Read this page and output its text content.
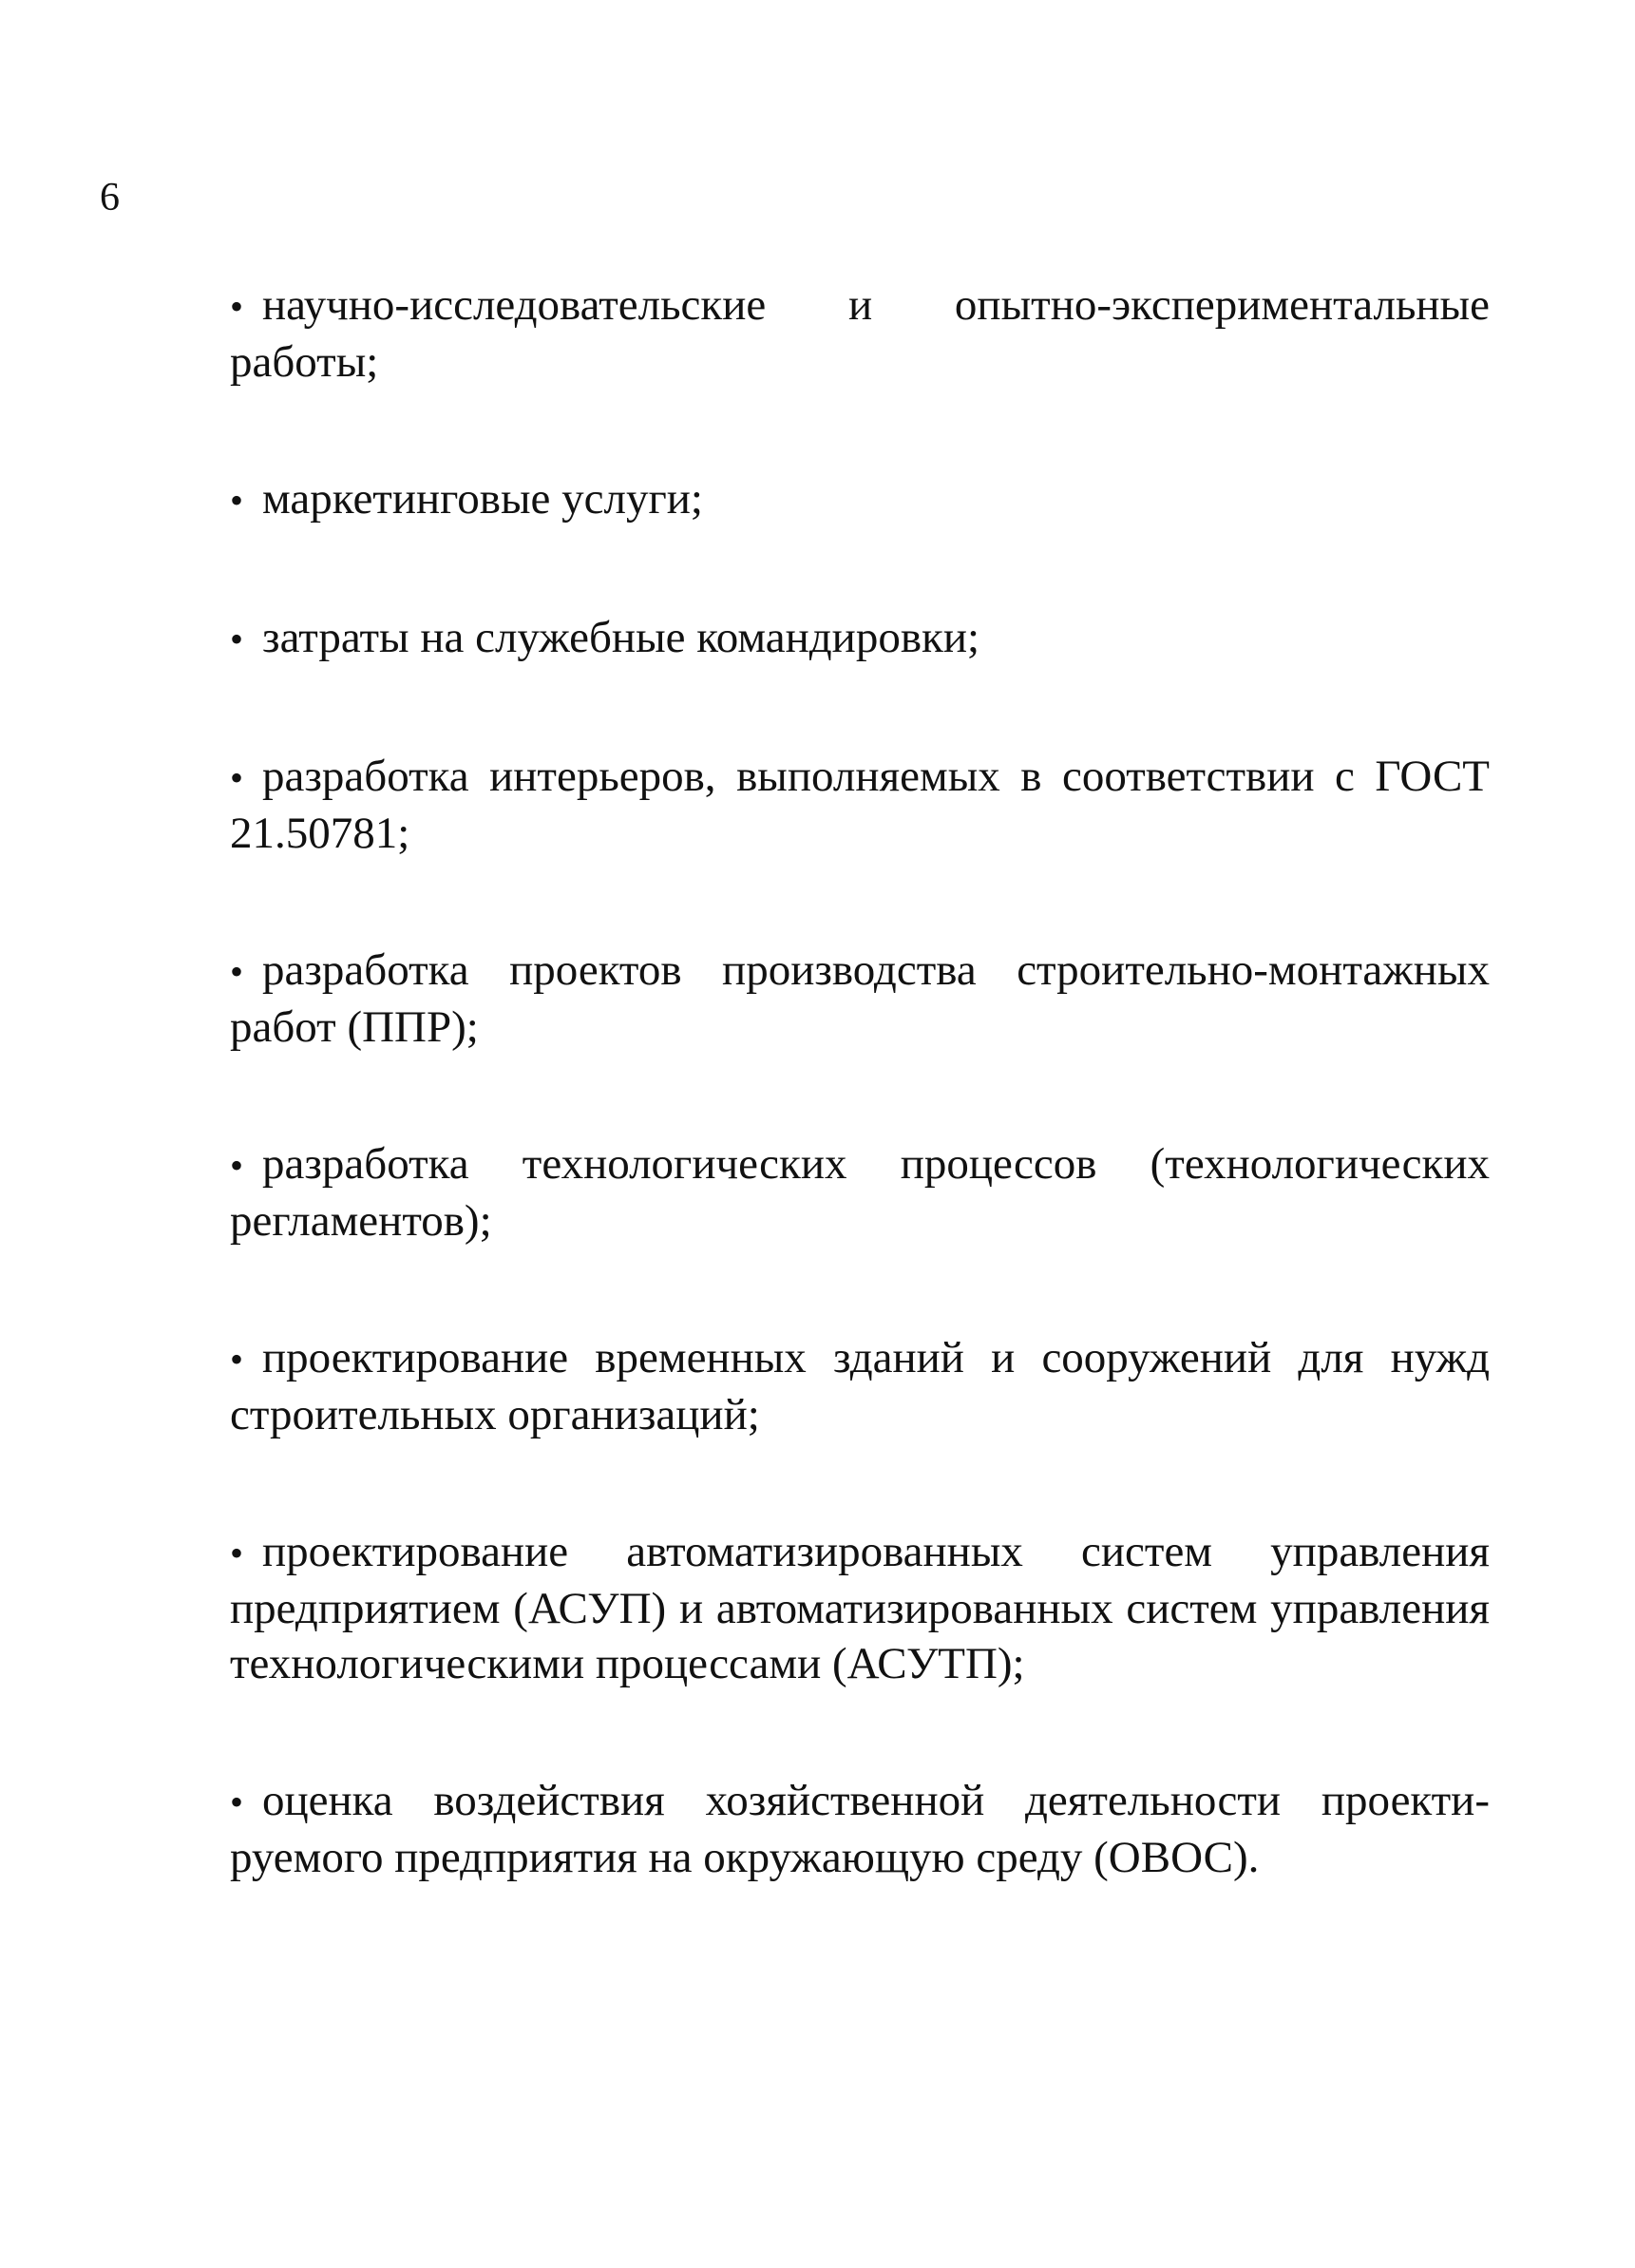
6
• научно-исследовательские и опытно-экспериментальные работы;
• маркетинговые услуги;
• затраты на служебные командировки;
• разработка интерьеров, выполняемых в соответствии с ГОСТ 21.50781;
• разработка проектов производства строительно-монтажных работ (ППР);
• разработка технологических процессов (технологических регламентов);
• проектирование временных зданий и сооружений для нужд строительных организаций;
• проектирование автоматизированных систем управления предприятием (АСУП) и автоматизированных систем управления технологическими процессами (АСУТП);
• оценка воздействия хозяйственной деятельности проектируемого предприятия на окружающую среду (ОВОС).
